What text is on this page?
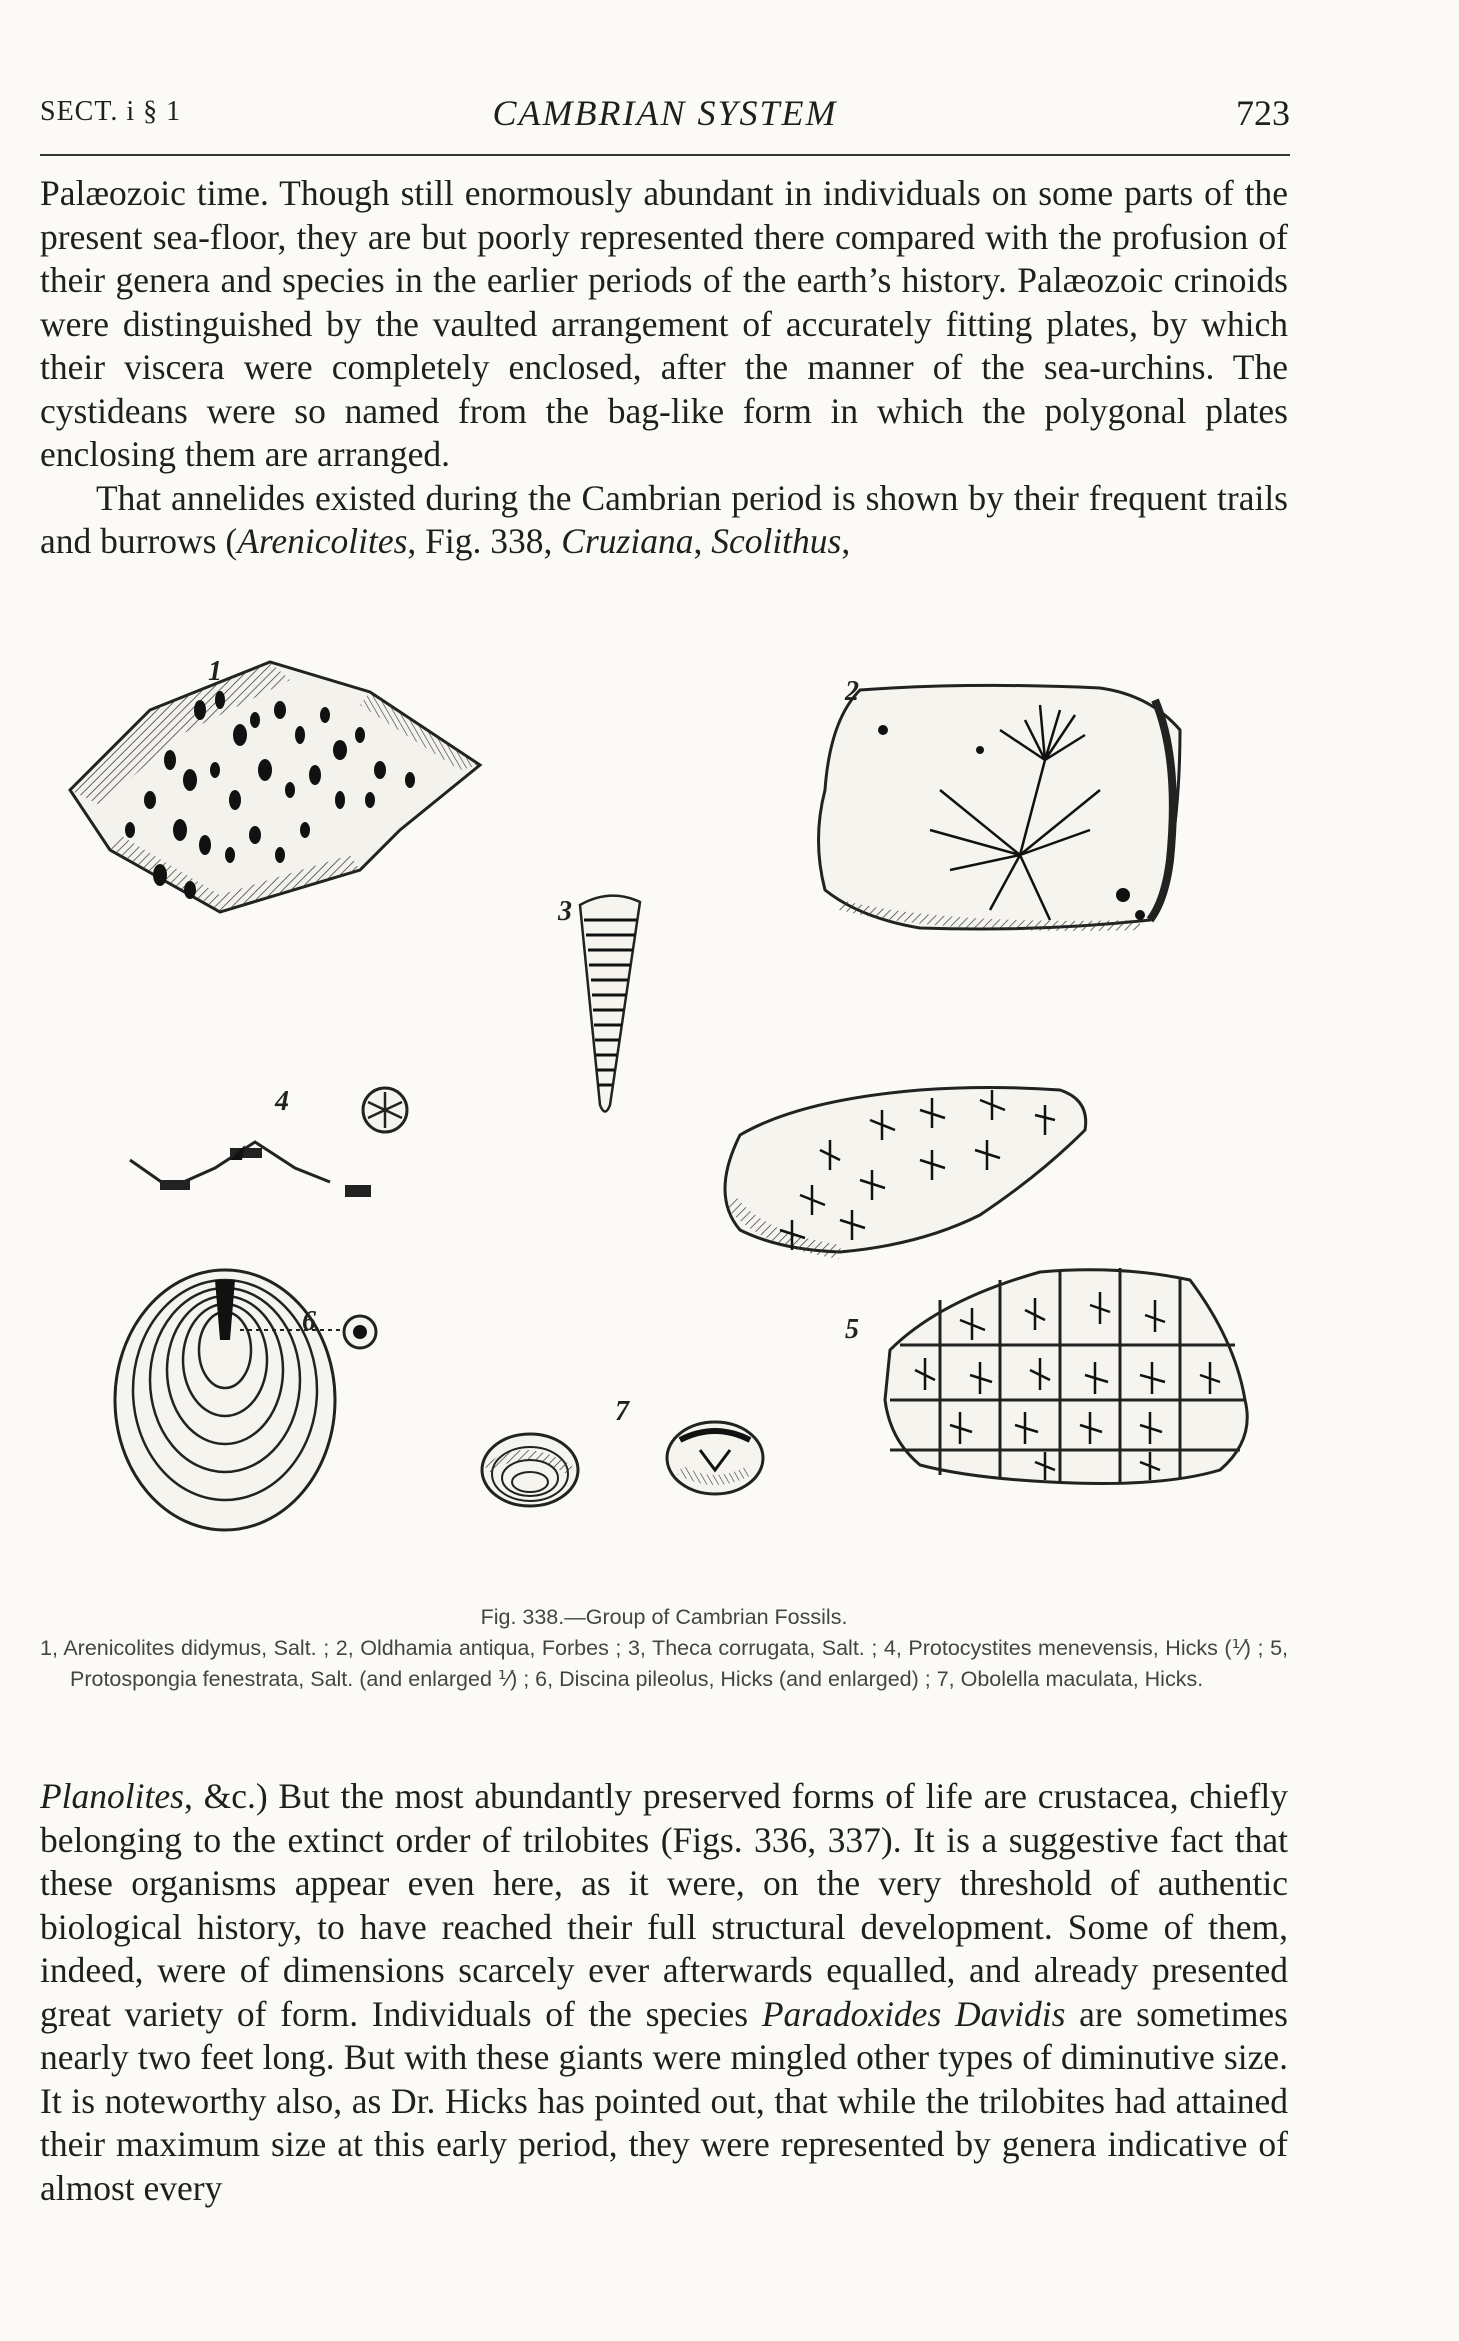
SECT. i § 1	CAMBRIAN SYSTEM	723

Palæozoic time. Though still enormously abundant in individuals on some parts of the present sea-floor, they are but poorly represented there compared with the profusion of their genera and species in the earlier periods of the earth’s history. Palæozoic crinoids were distinguished by the vaulted arrangement of accurately fitting plates, by which their viscera were completely enclosed, after the manner of the sea-urchins. The cystideans were so named from the bag-like form in which the polygonal plates enclosing them are arranged.

That annelides existed during the Cambrian period is shown by their frequent trails and burrows (Arenicolites, Fig. 338, Cruziana, Scolithus,

1
2
3
4
5
6
7
Fig. 338.—Group of Cambrian Fossils.
1, Arenicolites didymus, Salt. ; 2, Oldhamia antiqua, Forbes ; 3, Theca corrugata, Salt. ; 4, Protocystites menevensis, Hicks (⅟) ; 5, Protospongia fenestrata, Salt. (and enlarged ⅟) ; 6, Discina pileolus, Hicks (and enlarged) ; 7, Obolella maculata, Hicks.

Planolites, &c.) But the most abundantly preserved forms of life are crustacea, chiefly belonging to the extinct order of trilobites (Figs. 336, 337). It is a suggestive fact that these organisms appear even here, as it were, on the very threshold of authentic biological history, to have reached their full structural development. Some of them, indeed, were of dimensions scarcely ever afterwards equalled, and already presented great variety of form. Individuals of the species Paradoxides Davidis are sometimes nearly two feet long. But with these giants were mingled other types of diminutive size. It is noteworthy also, as Dr. Hicks has pointed out, that while the trilobites had attained their maximum size at this early period, they were represented by genera indicative of almost every
